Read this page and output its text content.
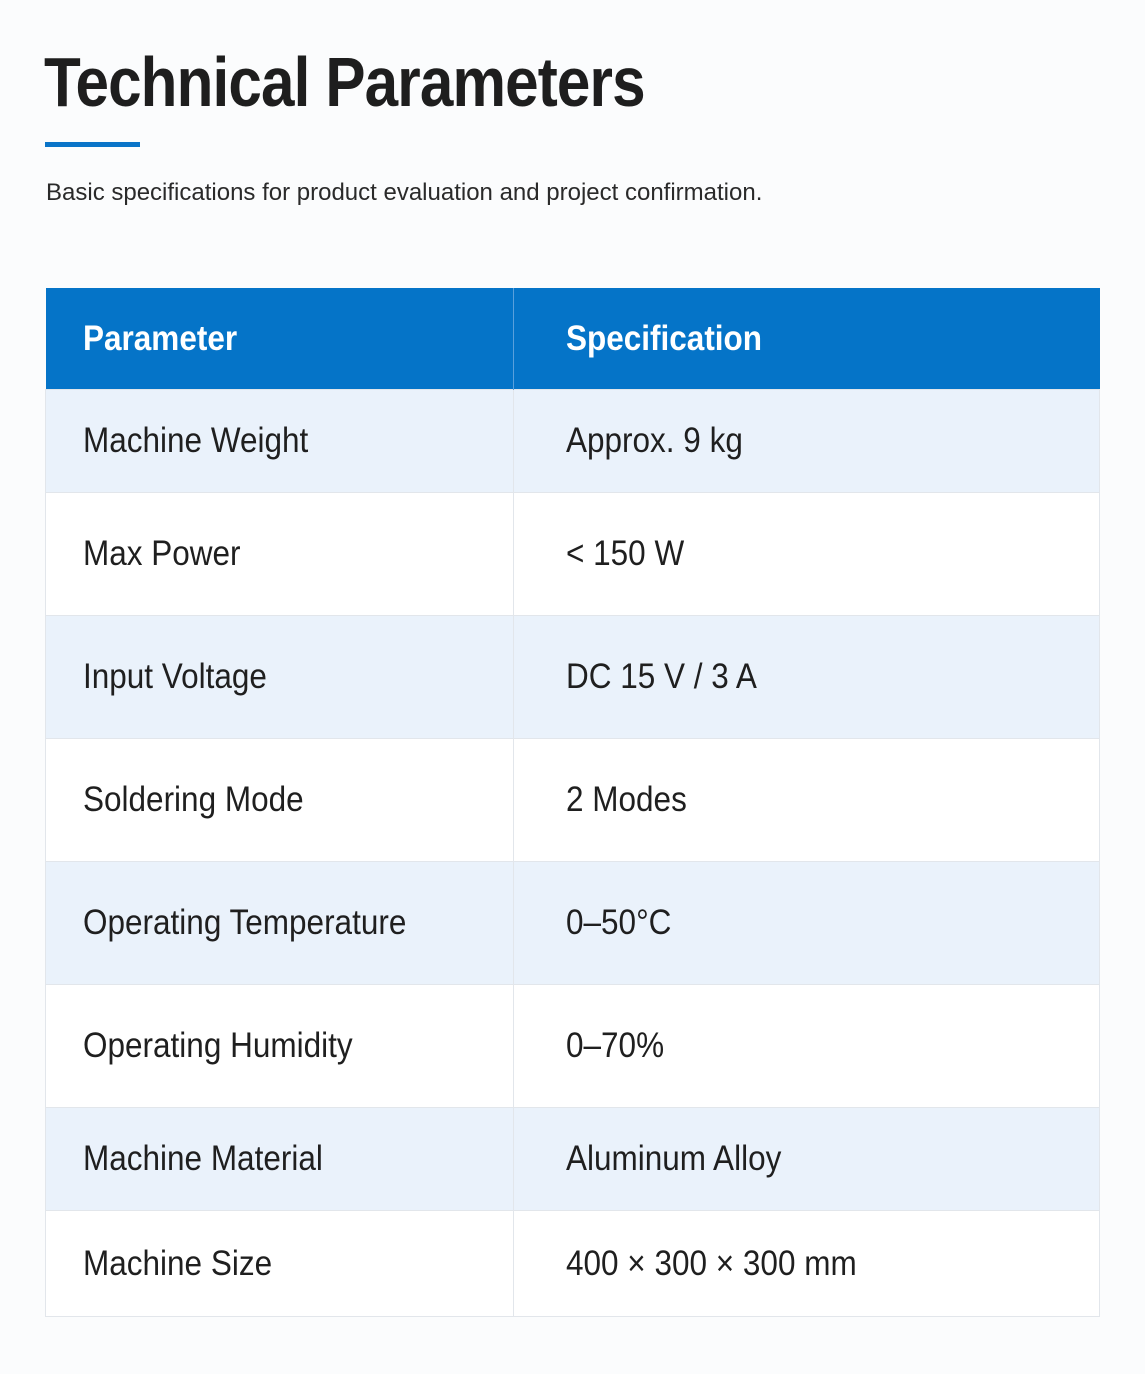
Technical Parameters

Basic specifications for product evaluation and project confirmation.

Parameter	Specification
Machine Weight	Approx. 9 kg
Max Power	< 150 W
Input Voltage	DC 15 V / 3 A
Soldering Mode	2 Modes
Operating Temperature	0–50°C
Operating Humidity	0–70%
Machine Material	Aluminum Alloy
Machine Size	400 × 300 × 300 mm
